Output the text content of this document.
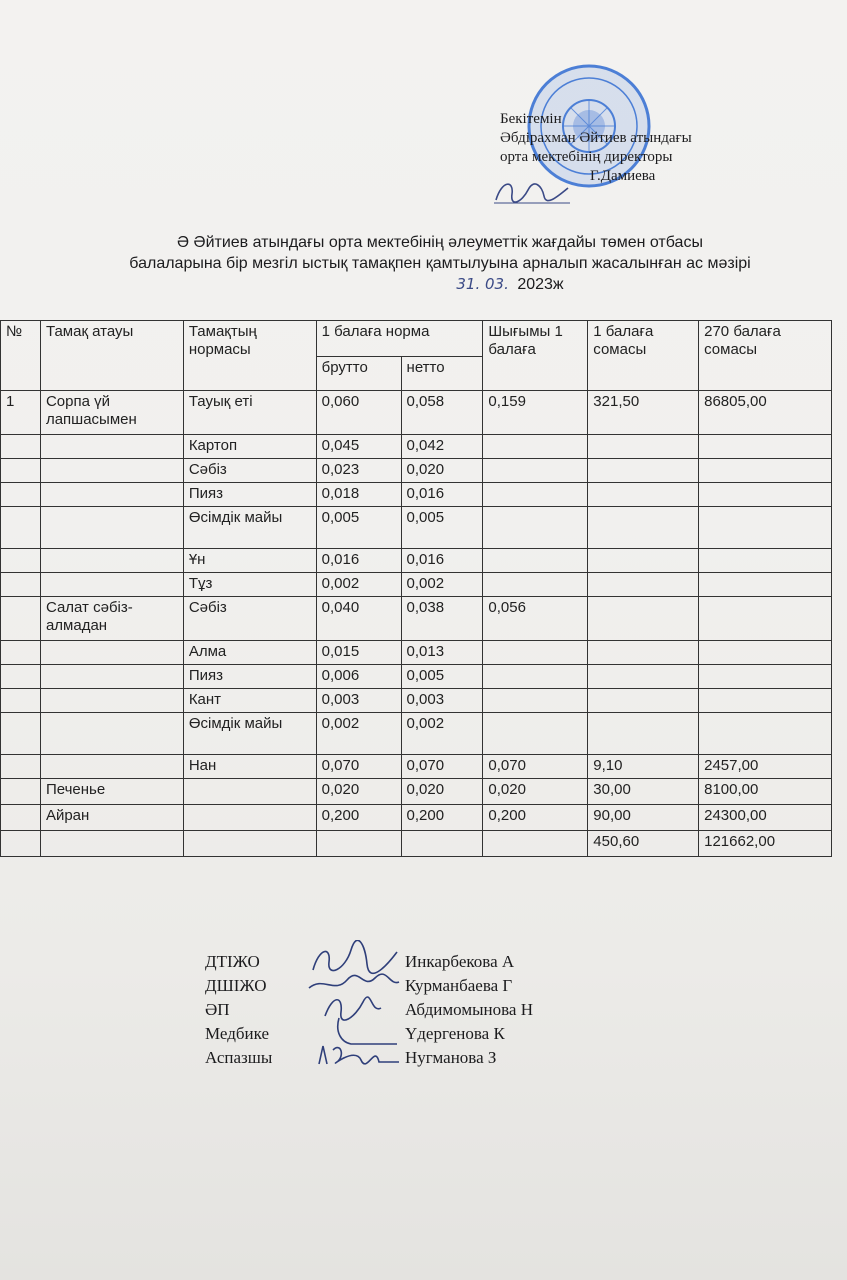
Бекітемін
Әбдірахман Әйтиев атындағы
орта мектебінің директоры
Г.Дамиева
Ә Әйтиев атындағы орта мектебінің әлеуметтік жағдайы төмен отбасы
балаларына бір мезгіл ыстық тамақпен қамтылуына арналып жасалынған ас мәзірі
31. 03. 2023ж
№	Тамақ атауы	Тамақтың нормасы	1 балаға норма		Шығымы 1 балаға	1 балаға сомасы	270 балаға сомасы
			брутто	нетто			
1	Сорпа үй лапшасымен	Тауық еті	0,060	0,058	0,159	321,50	86805,00
		Картоп	0,045	0,042			
		Сәбіз	0,023	0,020			
		Пияз	0,018	0,016			
		Өсімдік майы	0,005	0,005			
		Ұн	0,016	0,016			
		Тұз	0,002	0,002			
	Салат сәбіз-алмадан	Сәбіз	0,040	0,038	0,056		
		Алма	0,015	0,013			
		Пияз	0,006	0,005			
		Кант	0,003	0,003			
		Өсімдік майы	0,002	0,002			
		Нан	0,070	0,070	0,070	9,10	2457,00
	Печенье		0,020	0,020	0,020	30,00	8100,00
	Айран		0,200	0,200	0,200	90,00	24300,00
						450,60	121662,00
ДТІЖО	Инкарбекова А
ДШІЖО	Курманбаева Г
ӘП	Абдимомынова Н
Медбике	Үдергенова К
Аспазшы	Нугманова З
